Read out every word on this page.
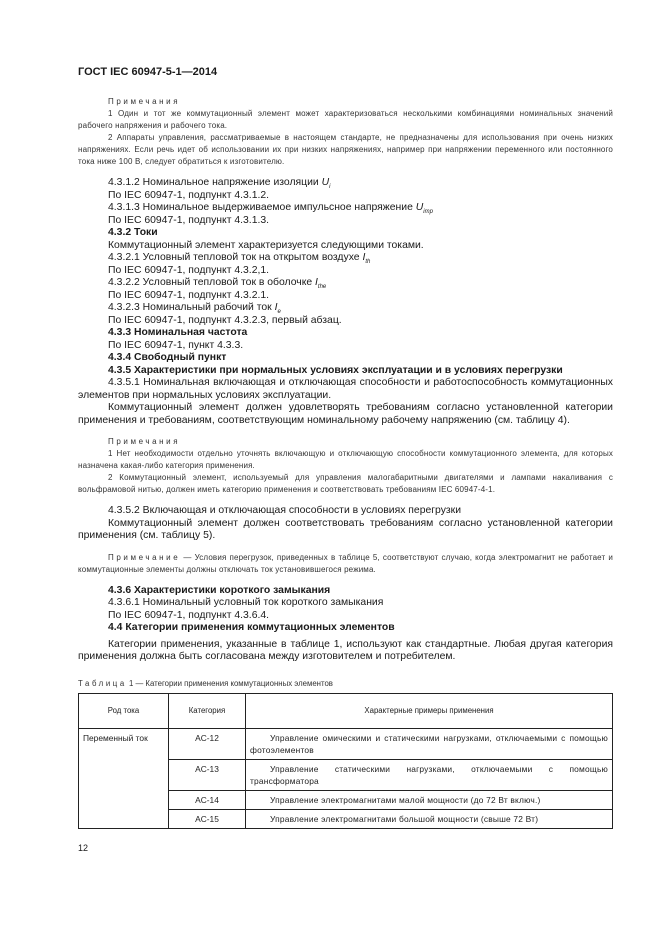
ГОСТ IEC 60947-5-1—2014

Примечания

1 Один и тот же коммутационный элемент может характеризоваться несколькими комбинациями номинальных значений рабочего напряжения и рабочего тока.

2 Аппараты управления, рассматриваемые в настоящем стандарте, не предназначены для использования при очень низких напряжениях. Если речь идет об использовании их при низких напряжениях, например при напряжении переменного или постоянного тока ниже 100 В, следует обратиться к изготовителю.

4.3.1.2 Номинальное напряжение изоляции $U_i$

По IEC 60947-1, подпункт 4.3.1.2.

4.3.1.3 Номинальное выдерживаемое импульсное напряжение $U_{imp}$

По IEC 60947-1, подпункт 4.3.1.3.

4.3.2 Токи

Коммутационный элемент характеризуется следующими токами.

4.3.2.1 Условный тепловой ток на открытом воздухе $I_{th}$

По IEC 60947-1, подпункт 4.3.2,1.

4.3.2.2 Условный тепловой ток в оболочке $I_{the}$

По IEC 60947-1, подпункт 4.3.2.1.

4.3.2.3 Номинальный рабочий ток $I_e$

По IEC 60947-1, подпункт 4.3.2.3, первый абзац.

4.3.3 Номинальная частота

По IEC 60947-1, пункт 4.3.3.

4.3.4 Свободный пункт

4.3.5 Характеристики при нормальных условиях эксплуатации и в условиях перегрузки

4.3.5.1 Номинальная включающая и отключающая способности и работоспособность коммутационных элементов при нормальных условиях эксплуатации.

Коммутационный элемент должен удовлетворять требованиям согласно установленной категории применения и требованиям, соответствующим номинальному рабочему напряжению (см. таблицу 4).

Примечания

1 Нет необходимости отдельно уточнять включающую и отключающую способности коммутационного элемента, для которых назначена какая-либо категория применения.

2 Коммутационный элемент, используемый для управления малогабаритными двигателями и лампами накаливания с вольфрамовой нитью, должен иметь категорию применения и соответствовать требованиям IEC 60947-4-1.

4.3.5.2 Включающая и отключающая способности в условиях перегрузки

Коммутационный элемент должен соответствовать требованиям согласно установленной категории применения (см. таблицу 5).

Примечание — Условия перегрузок, приведенных в таблице 5, соответствуют случаю, когда электромагнит не работает и коммутационные элементы должны отключать ток установившегося режима.

4.3.6 Характеристики короткого замыкания

4.3.6.1 Номинальный условный ток короткого замыкания

По IEC 60947-1, подпункт 4.3.6.4.

4.4 Категории применения коммутационных элементов

Категории применения, указанные в таблице 1, используют как стандартные. Любая другая категория применения должна быть согласована между изготовителем и потребителем.

Таблица 1 — Категории применения коммутационных элементов
Род тока	Категория	Характерные примеры применения
Переменный ток	AC-12	Управление омическими и статическими нагрузками, отключаемыми с помощью фотоэлементов
	AC-13	Управление статическими нагрузками, отключаемыми с помощью трансформатора
	AC-14	Управление электромагнитами малой мощности (до 72 Вт включ.)
	AC-15	Управление электромагнитами большой мощности (свыше 72 Вт)
12
